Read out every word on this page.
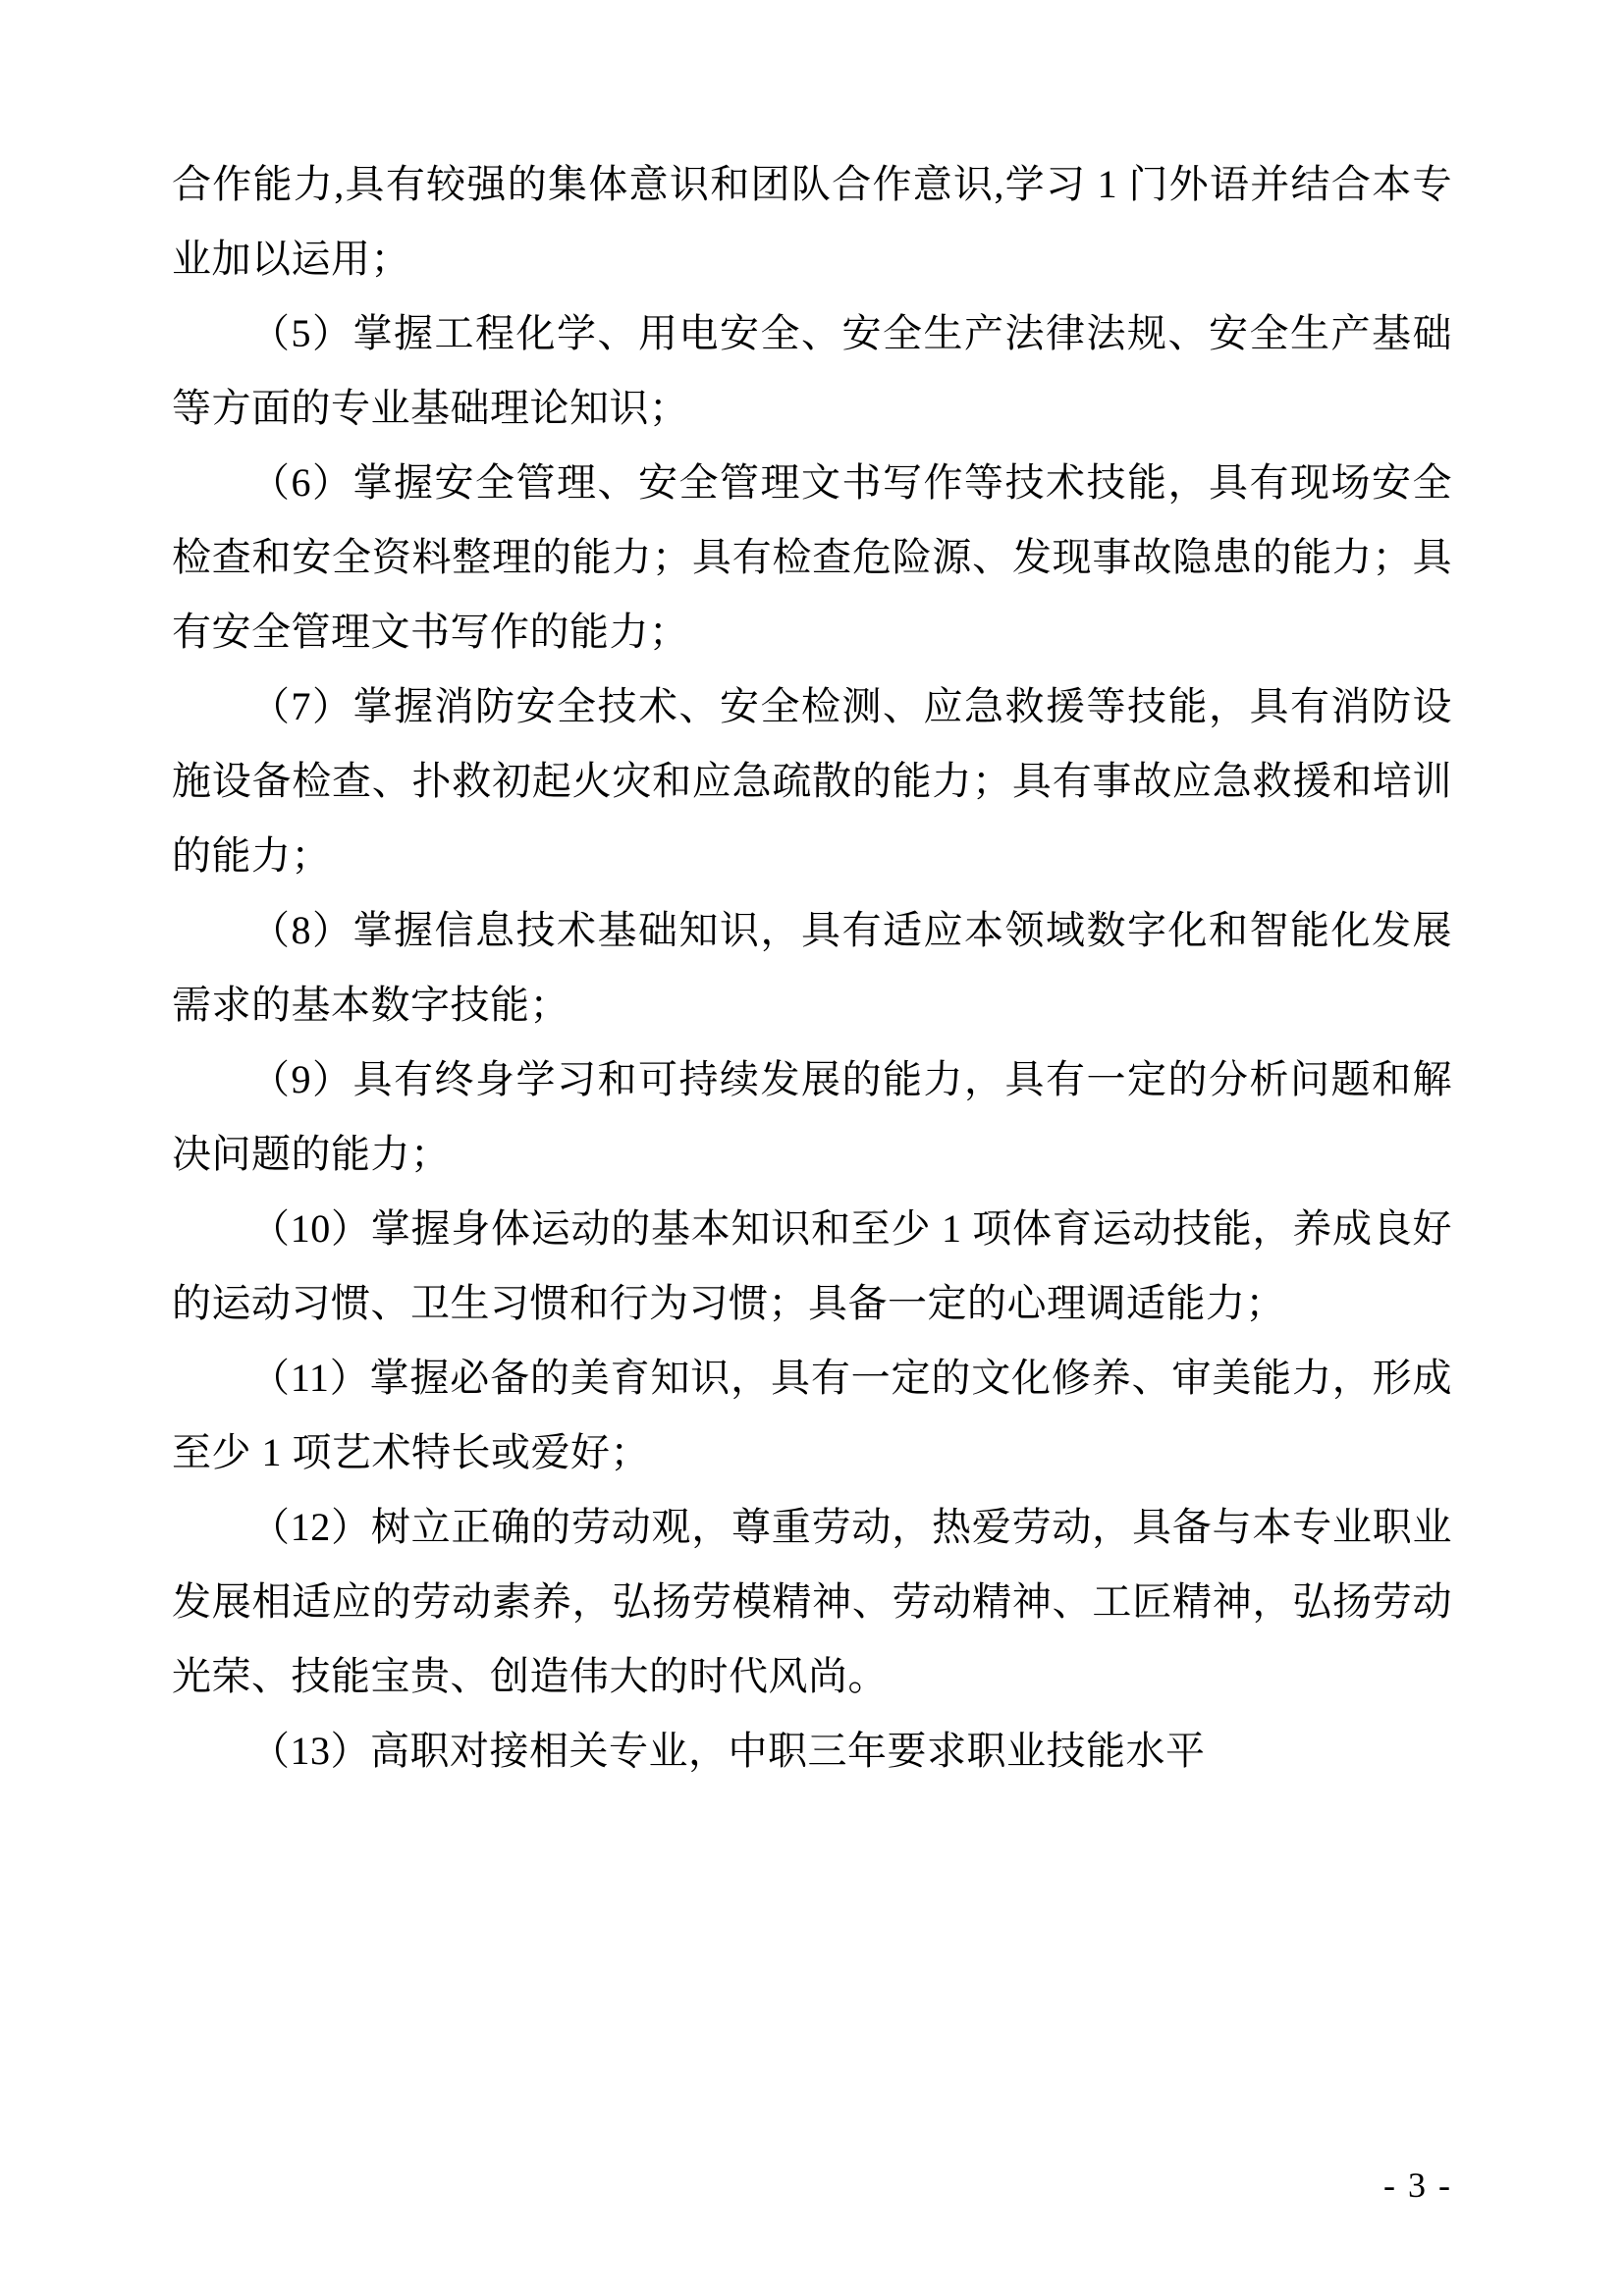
合作能力,具有较强的集体意识和团队合作意识,学习 1 门外语并结合本专业加以运用；

（5）掌握工程化学、用电安全、安全生产法律法规、安全生产基础等方面的专业基础理论知识；

（6）掌握安全管理、安全管理文书写作等技术技能，具有现场安全检查和安全资料整理的能力；具有检查危险源、发现事故隐患的能力；具有安全管理文书写作的能力；

（7）掌握消防安全技术、安全检测、应急救援等技能，具有消防设施设备检查、扑救初起火灾和应急疏散的能力；具有事故应急救援和培训的能力；

（8）掌握信息技术基础知识，具有适应本领域数字化和智能化发展需求的基本数字技能；

（9）具有终身学习和可持续发展的能力，具有一定的分析问题和解决问题的能力；

（10）掌握身体运动的基本知识和至少 1 项体育运动技能，养成良好的运动习惯、卫生习惯和行为习惯；具备一定的心理调适能力；

（11）掌握必备的美育知识，具有一定的文化修养、审美能力，形成至少 1 项艺术特长或爱好；

（12）树立正确的劳动观，尊重劳动，热爱劳动，具备与本专业职业发展相适应的劳动素养，弘扬劳模精神、劳动精神、工匠精神，弘扬劳动光荣、技能宝贵、创造伟大的时代风尚。

（13）高职对接相关专业，中职三年要求职业技能水平

- 3 -
